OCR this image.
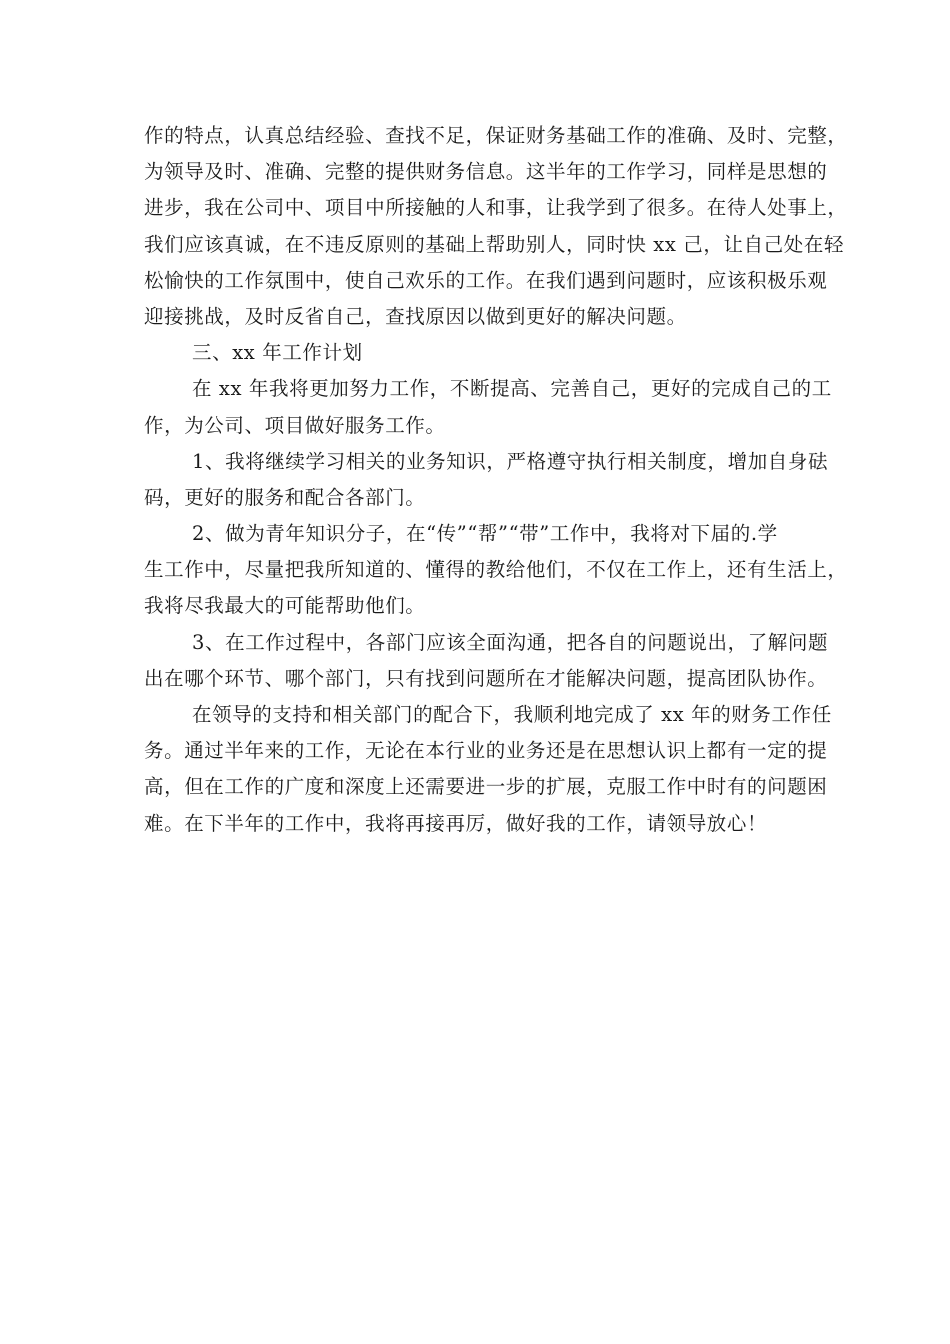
作的特点，认真总结经验、查找不足，保证财务基础工作的准确、及时、完整，
为领导及时、准确、完整的提供财务信息。这半年的工作学习，同样是思想的
进步，我在公司中、项目中所接触的人和事，让我学到了很多。在待人处事上，
我们应该真诚，在不违反原则的基础上帮助别人，同时快 xx 己，让自己处在轻
松愉快的工作氛围中，使自己欢乐的工作。在我们遇到问题时，应该积极乐观
迎接挑战，及时反省自己，查找原因以做到更好的解决问题。
三、xx 年工作计划
在 xx 年我将更加努力工作，不断提高、完善自己，更好的完成自己的工
作，为公司、项目做好服务工作。
1、我将继续学习相关的业务知识，严格遵守执行相关制度，增加自身砝
码，更好的服务和配合各部门。
2、做为青年知识分子，在“传”“帮”“带”工作中，我将对下届的.学
生工作中，尽量把我所知道的、懂得的教给他们，不仅在工作上，还有生活上，
我将尽我最大的可能帮助他们。
3、在工作过程中，各部门应该全面沟通，把各自的问题说出，了解问题
出在哪个环节、哪个部门，只有找到问题所在才能解决问题，提高团队协作。
在领导的支持和相关部门的配合下，我顺利地完成了 xx 年的财务工作任
务。通过半年来的工作，无论在本行业的业务还是在思想认识上都有一定的提
高，但在工作的广度和深度上还需要进一步的扩展，克服工作中时有的问题困
难。在下半年的工作中，我将再接再厉，做好我的工作，请领导放心！
